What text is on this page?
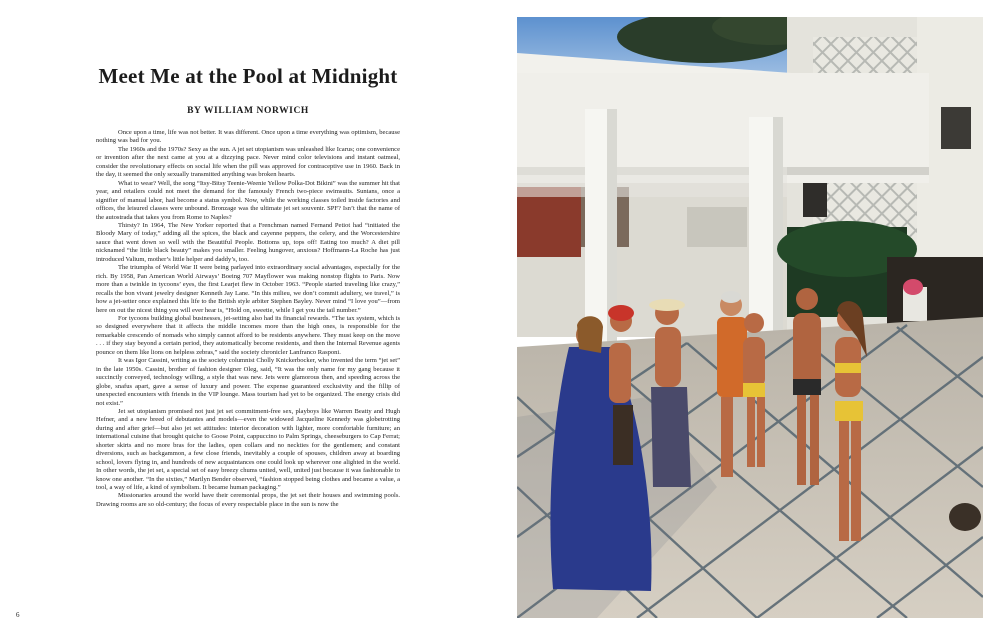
Meet Me at the Pool at Midnight
BY WILLIAM NORWICH

Once upon a time, life was not better. It was different. Once upon a time everything was optimism, because nothing was bad for you.

The 1960s and the 1970s? Sexy as the sun. A jet set utopianism was unleashed like Icarus; one convenience or invention after the next came at you at a dizzying pace. Never mind color televisions and instant oatmeal, consider the revolutionary effects on social life when the pill was approved for contraceptive use in 1960. Back in the day, it seemed the only sexually transmitted anything was broken hearts.

What to wear? Well, the song “Itsy-Bitsy Teenie-Weenie Yellow Polka-Dot Bikini” was the summer hit that year, and retailers could not meet the demand for the famously French two-piece swimsuits. Suntans, once a signifier of manual labor, had become a status symbol. Now, while the working classes toiled inside factories and offices, the leisured classes were unbound. Bronzage was the ultimate jet set souvenir. SPF? Isn’t that the name of the autostrada that takes you from Rome to Naples?

Thirsty? In 1964, The New Yorker reported that a Frenchman named Fernand Petiot had “initiated the Bloody Mary of today,” adding all the spices, the black and cayenne peppers, the celery, and the Worcestershire sauce that went down so well with the Beautiful People. Bottoms up, tops off! Eating too much? A diet pill nicknamed “the little black beauty” makes you smaller. Feeling hungover, anxious? Hoffmann-La Roche has just introduced Valium, mother’s little helper and daddy’s, too.

The triumphs of World War II were being parlayed into extraordinary social advantages, especially for the rich. By 1958, Pan American World Airways’ Boeing 707 Mayflower was making nonstop flights to Paris. Now more than a twinkle in tycoons’ eyes, the first Learjet flew in October 1963. “People started traveling like crazy,” recalls the bon vivant jewelry designer Kenneth Jay Lane. “In this milieu, we don’t commit adultery, we travel,” is how a jet-setter once explained this life to the British style arbiter Stephen Bayley. Never mind “I love you”—from here on out the nicest thing you will ever hear is, “Hold on, sweetie, while I get you the tail number.”

For tycoons building global businesses, jet-setting also had its financial rewards. “The tax system, which is so designed everywhere that it affects the middle incomes more than the high ones, is responsible for the remarkable crescendo of nomads who simply cannot afford to be residents anywhere. They must keep on the move . . . if they stay beyond a certain period, they automatically become residents, and then the Internal Revenue agents pounce on them like lions on helpless zebras,” said the society chronicler Lanfranco Rasponi.

It was Igor Cassini, writing as the society columnist Cholly Knickerbocker, who invented the term “jet set” in the late 1950s. Cassini, brother of fashion designer Oleg, said, “It was the only name for my gang because it succinctly conveyed, technology willing, a style that was new. Jets were glamorous then, and speeding across the globe, snafus apart, gave a sense of luxury and power. The expense guaranteed exclusivity and the fillip of unexpected encounters with friends in the VIP lounge. Mass tourism had yet to be organized. The energy crisis did not exist.”

Jet set utopianism promised not just jet set commitment-free sex, playboys like Warren Beatty and Hugh Hefner, and a new breed of debutantes and models—even the widowed Jacqueline Kennedy was globetrotting during and after grief—but also jet set attitudes: interior decoration with lighter, more comfortable furniture; an international cuisine that brought quiche to Goose Point, cappuccino to Palm Springs, cheeseburgers to Cap Ferrat; shorter skirts and no more bras for the ladies, open collars and no neckties for the gentlemen; and constant diversions, such as backgammon, a few close friends, inevitably a couple of spouses, children away at boarding school, lovers flying in, and hundreds of new acquaintances one could look up wherever one alighted in the world. In other words, the jet set, a special set of easy breezy chums united, well, united just because it was fashionable to know one another. “In the sixties,” Marilyn Bender observed, “fashion stopped being clothes and became a value, a tool, a way of life, a kind of symbolism. It became human packaging.”

Missionaries around the world have their ceremonial props, the jet set their houses and swimming pools. Drawing rooms are so old-century; the focus of every respectable place in the sun is now the

6
